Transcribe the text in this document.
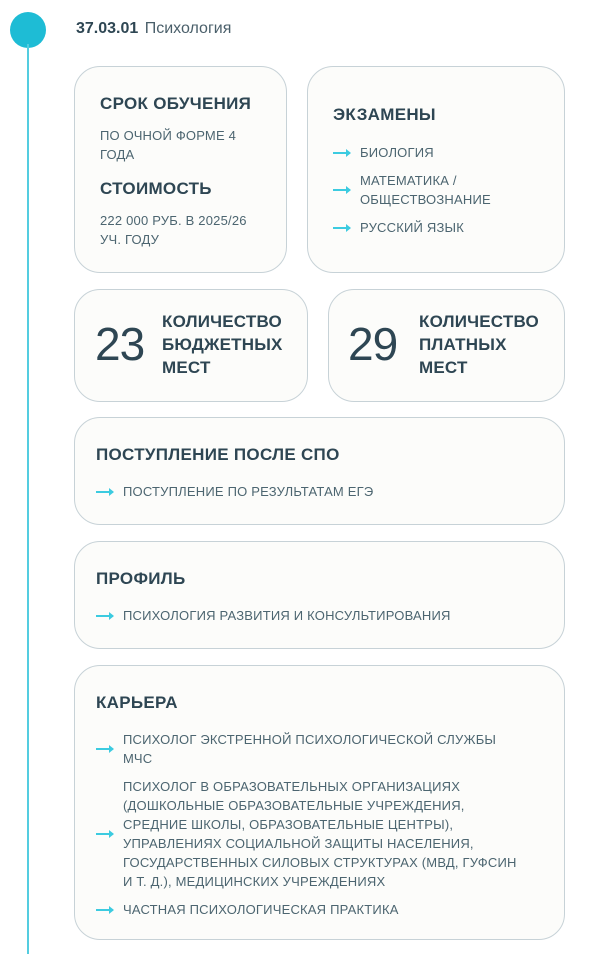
37.03.01 Психология
СРОК ОБУЧЕНИЯ
ПО ОЧНОЙ ФОРМЕ 4 ГОДА
СТОИМОСТЬ
222 000 РУБ. В 2025/26 УЧ. ГОДУ
ЭКЗАМЕНЫ
БИОЛОГИЯ
МАТЕМАТИКА / ОБЩЕСТВОЗНАНИЕ
РУССКИЙ ЯЗЫК
23 КОЛИЧЕСТВО БЮДЖЕТНЫХ МЕСТ	29 КОЛИЧЕСТВО ПЛАТНЫХ МЕСТ
ПОСТУПЛЕНИЕ ПОСЛЕ СПО
ПОСТУПЛЕНИЕ ПО РЕЗУЛЬТАТАМ ЕГЭ
ПРОФИЛЬ
ПСИХОЛОГИЯ РАЗВИТИЯ И КОНСУЛЬТИРОВАНИЯ
КАРЬЕРА
ПСИХОЛОГ ЭКСТРЕННОЙ ПСИХОЛОГИЧЕСКОЙ СЛУЖБЫ МЧС
ПСИХОЛОГ В ОБРАЗОВАТЕЛЬНЫХ ОРГАНИЗАЦИЯХ (ДОШКОЛЬНЫЕ ОБРАЗОВАТЕЛЬНЫЕ УЧРЕЖДЕНИЯ, СРЕДНИЕ ШКОЛЫ, ОБРАЗОВАТЕЛЬНЫЕ ЦЕНТРЫ), УПРАВЛЕНИЯХ СОЦИАЛЬНОЙ ЗАЩИТЫ НАСЕЛЕНИЯ, ГОСУДАРСТВЕННЫХ СИЛОВЫХ СТРУКТУРАХ (МВД, ГУФСИН И Т. Д.), МЕДИЦИНСКИХ УЧРЕЖДЕНИЯХ
ЧАСТНАЯ ПСИХОЛОГИЧЕСКАЯ ПРАКТИКА
